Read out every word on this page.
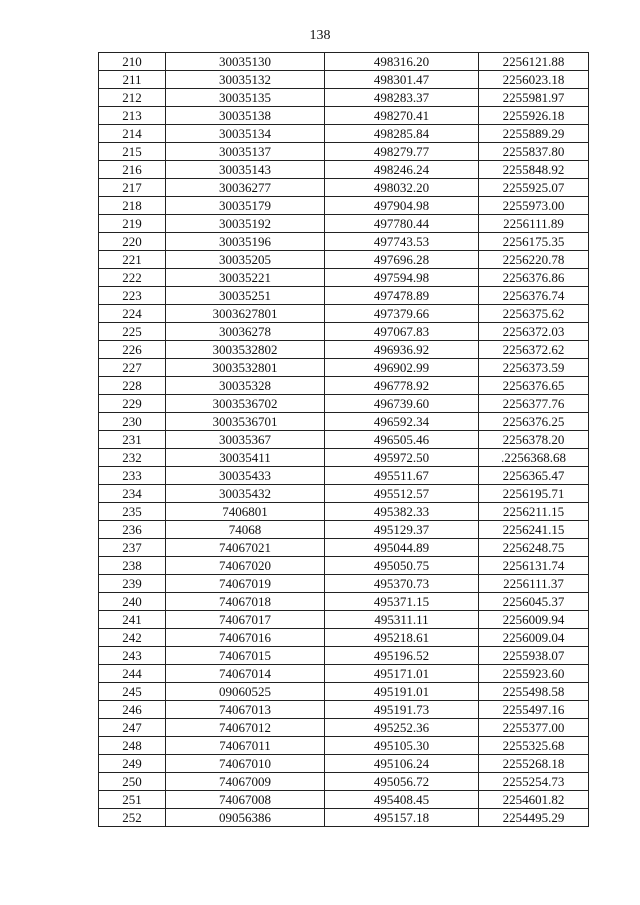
138
210	30035130	498316.20	2256121.88
211	30035132	498301.47	2256023.18
212	30035135	498283.37	2255981.97
213	30035138	498270.41	2255926.18
214	30035134	498285.84	2255889.29
215	30035137	498279.77	2255837.80
216	30035143	498246.24	2255848.92
217	30036277	498032.20	2255925.07
218	30035179	497904.98	2255973.00
219	30035192	497780.44	2256111.89
220	30035196	497743.53	2256175.35
221	30035205	497696.28	2256220.78
222	30035221	497594.98	2256376.86
223	30035251	497478.89	2256376.74
224	3003627801	497379.66	2256375.62
225	30036278	497067.83	2256372.03
226	3003532802	496936.92	2256372.62
227	3003532801	496902.99	2256373.59
228	30035328	496778.92	2256376.65
229	3003536702	496739.60	2256377.76
230	3003536701	496592.34	2256376.25
231	30035367	496505.46	2256378.20
232	30035411	495972.50	.2256368.68
233	30035433	495511.67	2256365.47
234	30035432	495512.57	2256195.71
235	7406801	495382.33	2256211.15
236	74068	495129.37	2256241.15
237	74067021	495044.89	2256248.75
238	74067020	495050.75	2256131.74
239	74067019	495370.73	2256111.37
240	74067018	495371.15	2256045.37
241	74067017	495311.11	2256009.94
242	74067016	495218.61	2256009.04
243	74067015	495196.52	2255938.07
244	74067014	495171.01	2255923.60
245	09060525	495191.01	2255498.58
246	74067013	495191.73	2255497.16
247	74067012	495252.36	2255377.00
248	74067011	495105.30	2255325.68
249	74067010	495106.24	2255268.18
250	74067009	495056.72	2255254.73
251	74067008	495408.45	2254601.82
252	09056386	495157.18	2254495.29
